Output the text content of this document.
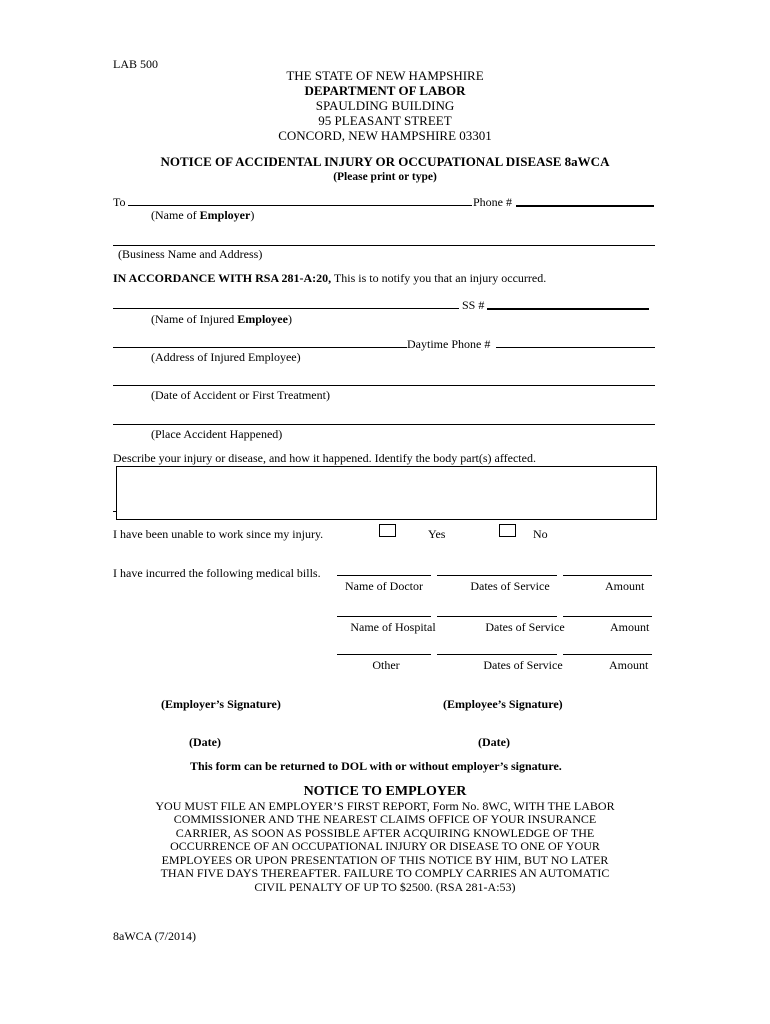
LAB 500
THE STATE OF NEW HAMPSHIRE
DEPARTMENT OF LABOR
SPAULDING BUILDING
95 PLEASANT STREET
CONCORD, NEW HAMPSHIRE 03301
NOTICE OF ACCIDENTAL INJURY OR OCCUPATIONAL DISEASE 8aWCA
(Please print or type)
To	Phone #
(Name of Employer)
(Business Name and Address)
IN ACCORDANCE WITH RSA 281-A:20, This is to notify you that an injury occurred.
SS #
(Name of Injured Employee)
Daytime Phone #
(Address of Injured Employee)
(Date of Accident or First Treatment)
(Place Accident Happened)
Describe your injury or disease, and how it happened. Identify the body part(s) affected.
I have been unable to work since my injury.	Yes	No
I have incurred the following medical bills.
Name of Doctor	Dates of Service	Amount
Name of Hospital	Dates of Service	Amount
Other	Dates of Service	Amount
(Employer’s Signature)	(Employee’s Signature)
(Date)	(Date)
This form can be returned to DOL with or without employer’s signature.
NOTICE TO EMPLOYER
YOU MUST FILE AN EMPLOYER’S FIRST REPORT, Form No. 8WC, WITH THE LABOR
COMMISSIONER AND THE NEAREST CLAIMS OFFICE OF YOUR INSURANCE
CARRIER, AS SOON AS POSSIBLE AFTER ACQUIRING KNOWLEDGE OF THE
OCCURRENCE OF AN OCCUPATIONAL INJURY OR DISEASE TO ONE OF YOUR
EMPLOYEES OR UPON PRESENTATION OF THIS NOTICE BY HIM, BUT NO LATER
THAN FIVE DAYS THEREAFTER. FAILURE TO COMPLY CARRIES AN AUTOMATIC
CIVIL PENALTY OF UP TO $2500. (RSA 281-A:53)
8aWCA (7/2014)
